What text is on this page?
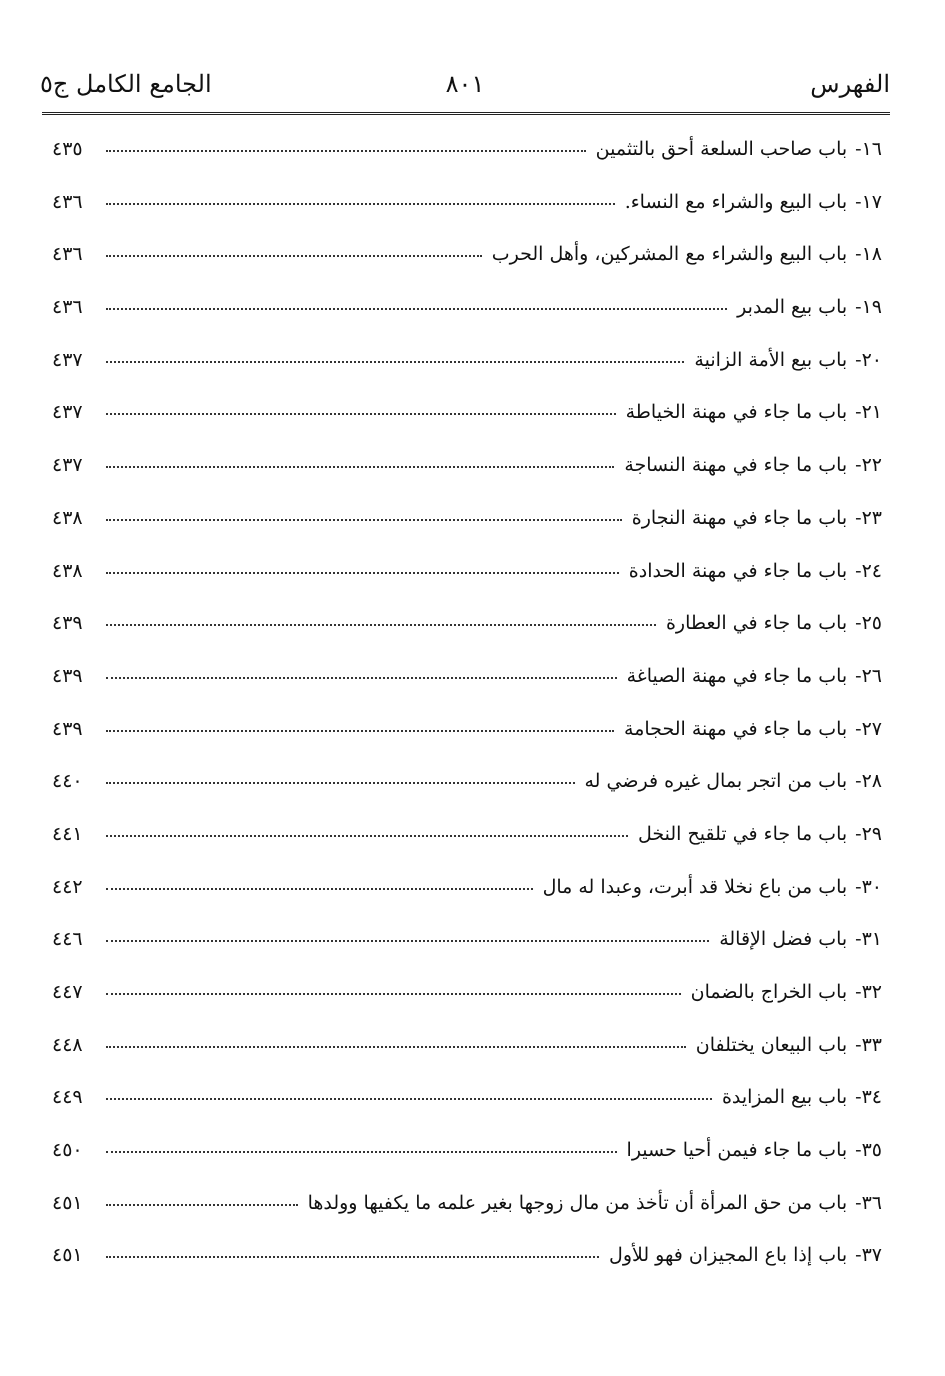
الفهرس
٨٠١
الجامع الكامل ج٥
١٦-
باب صاحب السلعة أحق بالتثمين
٤٣٥
١٧-
باب البيع والشراء مع النساء.
٤٣٦
١٨-
باب البيع والشراء مع المشركين، وأهل الحرب
٤٣٦
١٩-
باب بيع المدبر
٤٣٦
٢٠-
باب بيع الأمة الزانية
٤٣٧
٢١-
باب ما جاء في مهنة الخياطة
٤٣٧
٢٢-
باب ما جاء في مهنة النساجة
٤٣٧
٢٣-
باب ما جاء في مهنة النجارة
٤٣٨
٢٤-
باب ما جاء في مهنة الحدادة
٤٣٨
٢٥-
باب ما جاء في العطارة
٤٣٩
٢٦-
باب ما جاء في مهنة الصياغة
٤٣٩
٢٧-
باب ما جاء في مهنة الحجامة
٤٣٩
٢٨-
باب من اتجر بمال غيره فرضي له
٤٤٠
٢٩-
باب ما جاء في تلقيح النخل
٤٤١
٣٠-
باب من باع نخلا قد أبرت، وعبدا له مال
٤٤٢
٣١-
باب فضل الإقالة
٤٤٦
٣٢-
باب الخراج بالضمان
٤٤٧
٣٣-
باب البيعان يختلفان
٤٤٨
٣٤-
باب بيع المزايدة
٤٤٩
٣٥-
باب ما جاء فيمن أحيا حسيرا
٤٥٠
٣٦-
باب من حق المرأة أن تأخذ من مال زوجها بغير علمه ما يكفيها وولدها
٤٥١
٣٧-
باب إذا باع المجيزان فهو للأول
٤٥١
